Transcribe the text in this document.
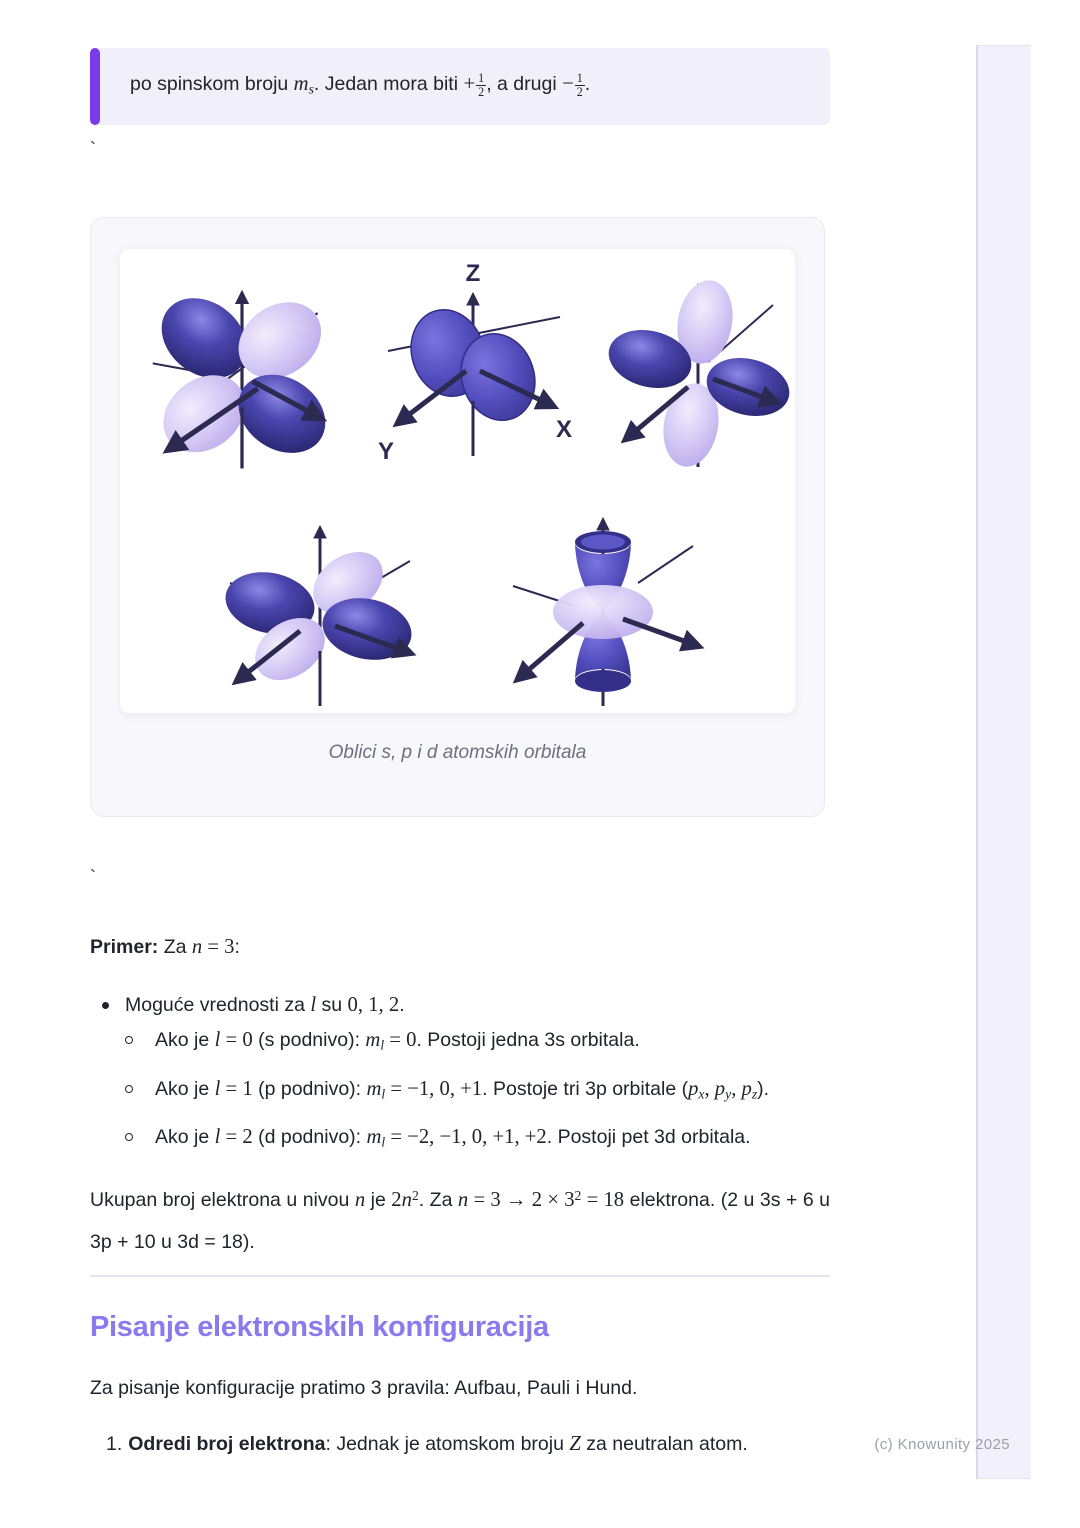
po spinskom broju ms. Jedan mora biti + $\frac{1}{2}$ , a drugi − $\frac{1}{2}$ .
`
Z
X
Y
Oblici s, p i d atomskih orbitala
`

Primer: Za n = 3:

Moguće vrednosti za l su 0, 1, 2.
Ako je l = 0 (s podnivo): ml = 0. Postoji jedna 3s orbitala.
Ako je l = 1 (p podnivo): ml = −1, 0, +1. Postoje tri 3p orbitale (px, py, pz).
Ako je l = 2 (d podnivo): ml = −2, −1, 0, +1, +2. Postoji pet 3d orbitala.

Ukupan broj elektrona u nivou n je $2n^2$. Za $n = 3 \to 2 \times 3^2 = 18$ elektrona. (2 u 3s + 6 u 3p + 10 u 3d = 18).

Pisanje elektronskih konfiguracija

Za pisanje konfiguracije pratimo 3 pravila: Aufbau, Pauli i Hund.

1. Odredi broj elektrona: Jednak je atomskom broju Z za neutralan atom.	(c) Knowunity 2025
